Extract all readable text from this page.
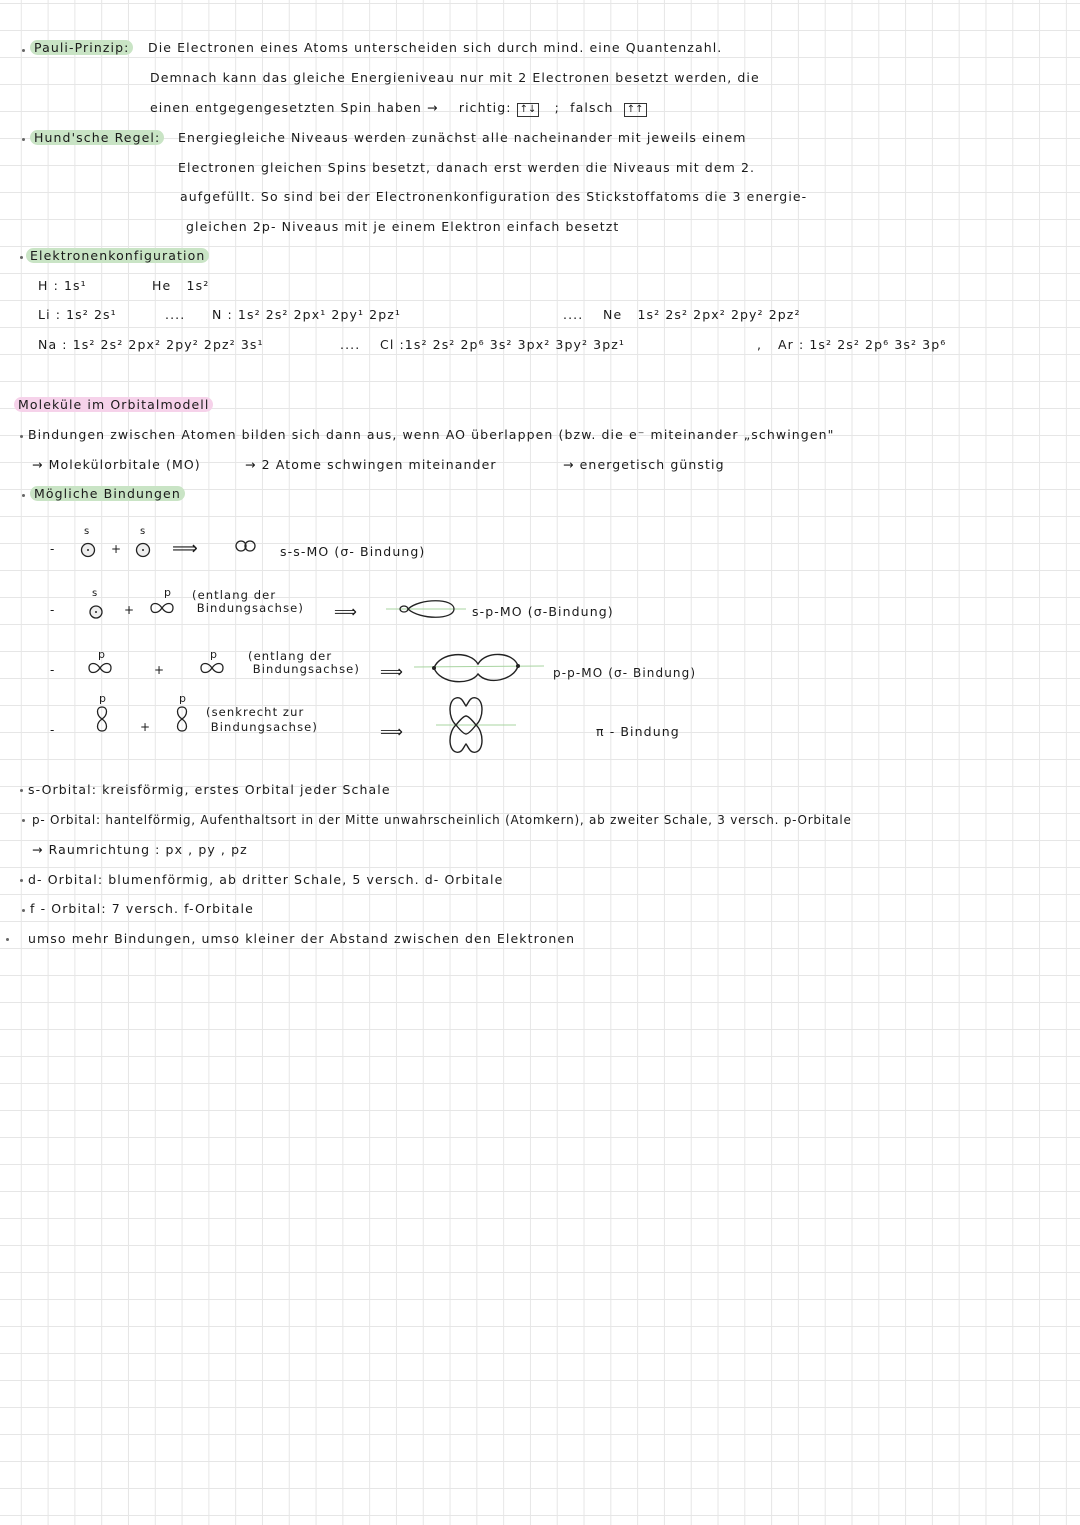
Pauli-Prinzip:	Die Electronen eines Atoms unterscheiden sich durch mind. eine Quantenzahl.
Demnach kann das gleiche Energieniveau nur mit 2 Electronen besetzt werden, die
einen entgegengesetzten Spin haben → richtig: ↑↓ ; falsch ↑↑
Hund'sche Regel:	Energiegleiche Niveaus werden zunächst alle nacheinander mit jeweils einem
Electronen gleichen Spins besetzt, danach erst werden die Niveaus mit dem 2.
aufgefüllt. So sind bei der Electronenkonfiguration des Stickstoffatoms die 3 energie-
gleichen 2p- Niveaus mit je einem Elektron einfach besetzt
Elektronenkonfiguration
H : 1s¹	He 1s²
Li : 1s² 2s¹	.... N : 1s² 2s² 2px¹ 2py¹ 2pz¹	.... Ne 1s² 2s² 2px² 2py² 2pz²
Na : 1s² 2s² 2px² 2py² 2pz² 3s¹	.... Cl :1s² 2s² 2p⁶ 3s² 3px² 3py² 3pz¹	, Ar : 1s² 2s² 2p⁶ 3s² 3p⁶
Moleküle im Orbitalmodell
Bindungen zwischen Atomen bilden sich dann aus, wenn AO überlappen (bzw. die e⁻ miteinander „schwingen"
→ Molekülorbitale (MO)	→ 2 Atome schwingen miteinander	→ energetisch günstig
Mögliche Bindungen
-
s
+
s
⟹	s-s-MO (σ- Bindung)
-
s
+
p (entlang der
Bindungsachse) ⟹	s-p-MO (σ-Bindung)
-
p
+
p	(entlang der
Bindungsachse) ⟹	p-p-MO (σ- Bindung)
-
p
+
p
(senkrecht zur
Bindungsachse)	⟹	π - Bindung
s-Orbital: kreisförmig, erstes Orbital jeder Schale
p- Orbital: hantelförmig, Aufenthaltsort in der Mitte unwahrscheinlich (Atomkern), ab zweiter Schale, 3 versch. p-Orbitale
→ Raumrichtung : px , py , pz
d- Orbital: blumenförmig, ab dritter Schale, 5 versch. d- Orbitale
f - Orbital: 7 versch. f-Orbitale
umso mehr Bindungen, umso kleiner der Abstand zwischen den Elektronen
